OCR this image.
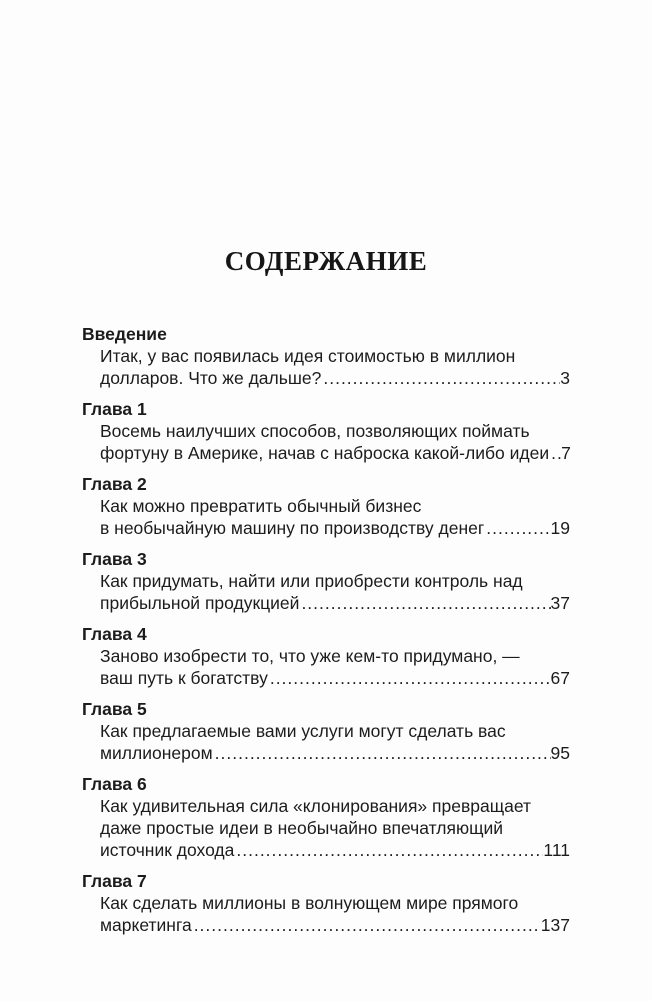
СОДЕРЖАНИЕ
Введение
Итак, у вас появилась идея стоимостью в миллион
долларов. Что же дальше? .....	3
Глава 1
Восемь наилучших способов, позволяющих поймать
фортуну в Америке, начав с наброска какой-либо идеи ..... 7
Глава 2
Как можно превратить обычный бизнес
в необычайную машину по производству денег .....	19
Глава 3
Как придумать, найти или приобрести контроль над
прибыльной продукцией .....	37
Глава 4
Заново изобрести то, что уже кем-то придумано, —
ваш путь к богатству .....	67
Глава 5
Как предлагаемые вами услуги могут сделать вас
миллионером .....	95
Глава 6
Как удивительная сила «клонирования» превращает
даже простые идеи в необычайно впечатляющий
источник дохода .....	111
Глава 7
Как сделать миллионы в волнующем мире прямого
маркетинга .....	137
